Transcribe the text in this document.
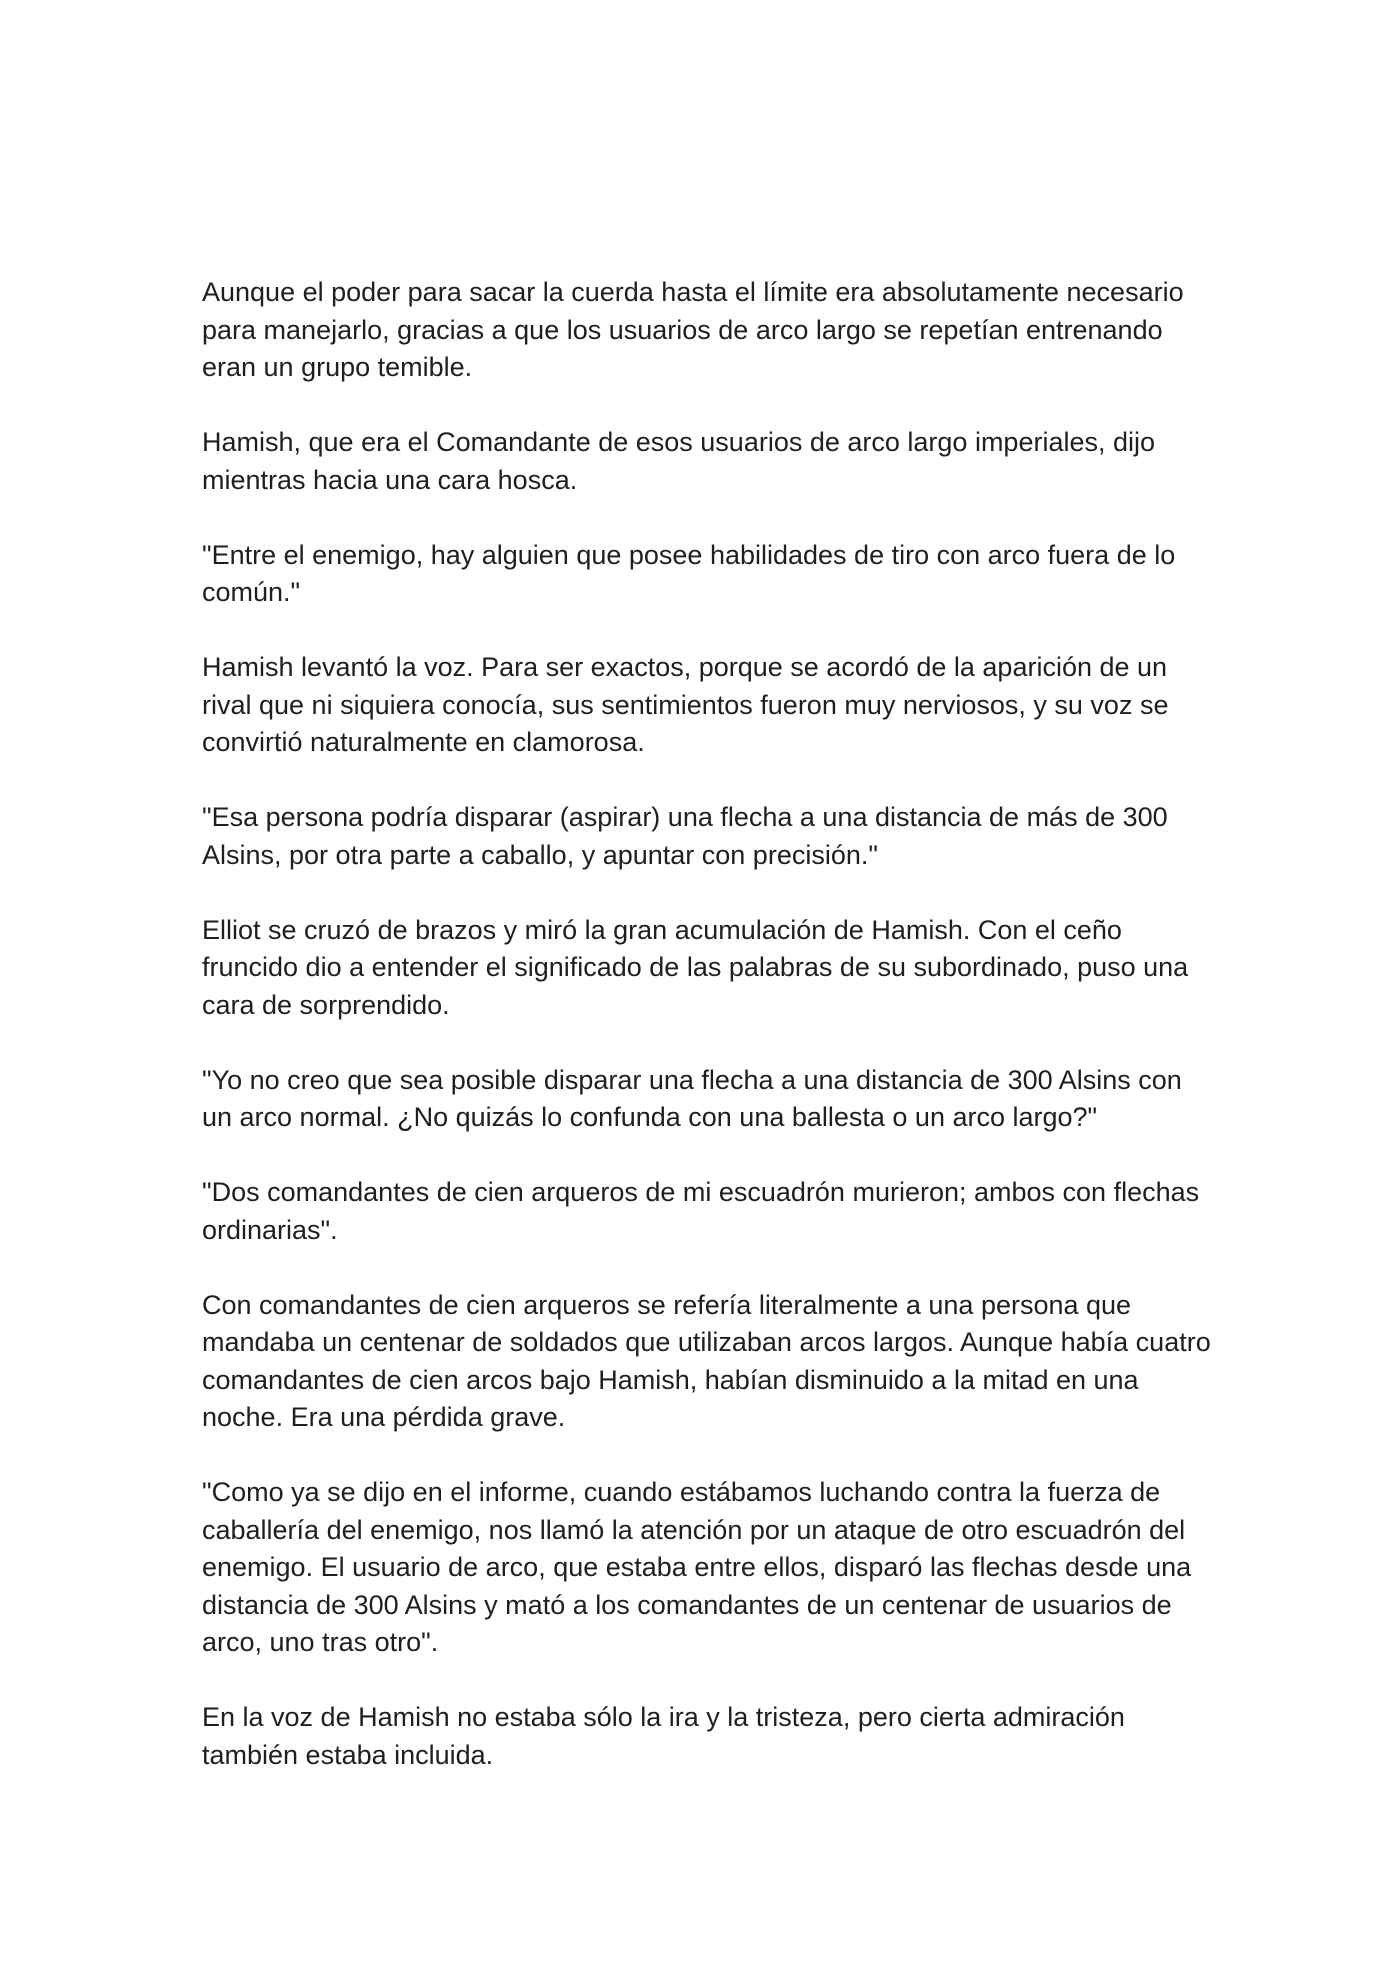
Aunque el poder para sacar la cuerda hasta el límite era absolutamente necesario para manejarlo, gracias a que los usuarios de arco largo se repetían entrenando eran un grupo temible.

Hamish, que era el Comandante de esos usuarios de arco largo imperiales, dijo mientras hacia una cara hosca.

"Entre el enemigo, hay alguien que posee habilidades de tiro con arco fuera de lo común."

Hamish levantó la voz. Para ser exactos, porque se acordó de la aparición de un rival que ni siquiera conocía, sus sentimientos fueron muy nerviosos, y su voz se convirtió naturalmente en clamorosa.

"Esa persona podría disparar (aspirar) una flecha a una distancia de más de 300 Alsins, por otra parte a caballo, y apuntar con precisión."

Elliot se cruzó de brazos y miró la gran acumulación de Hamish. Con el ceño fruncido dio a entender el significado de las palabras de su subordinado, puso una cara de sorprendido.

"Yo no creo que sea posible disparar una flecha a una distancia de 300 Alsins con un arco normal. ¿No quizás lo confunda con una ballesta o un arco largo?"

"Dos comandantes de cien arqueros de mi escuadrón murieron; ambos con flechas ordinarias".

Con comandantes de cien arqueros se refería literalmente a una persona que mandaba un centenar de soldados que utilizaban arcos largos. Aunque había cuatro comandantes de cien arcos bajo Hamish, habían disminuido a la mitad en una noche. Era una pérdida grave.

"Como ya se dijo en el informe, cuando estábamos luchando contra la fuerza de caballería del enemigo, nos llamó la atención por un ataque de otro escuadrón del enemigo. El usuario de arco, que estaba entre ellos, disparó las flechas desde una distancia de 300 Alsins y mató a los comandantes de un centenar de usuarios de arco, uno tras otro".

En la voz de Hamish no estaba sólo la ira y la tristeza, pero cierta admiración también estaba incluida.
